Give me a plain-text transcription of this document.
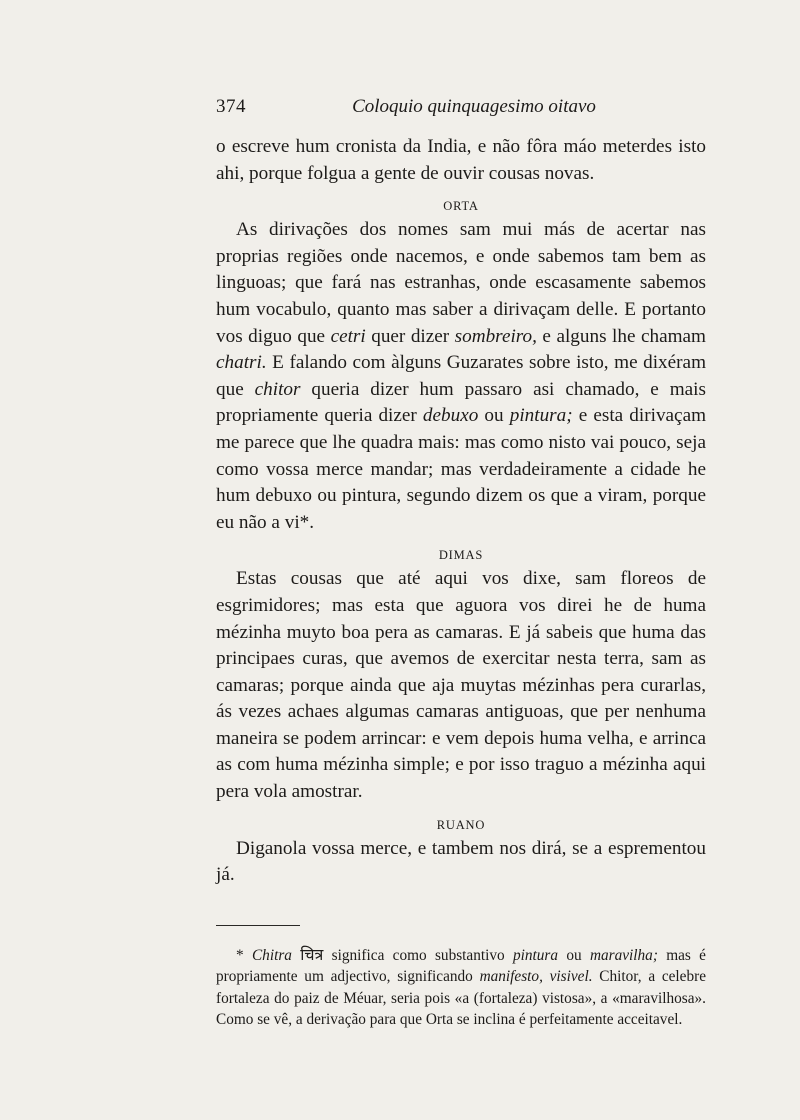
374	Coloquio quinquagesimo oitavo

o escreve hum cronista da India, e não fôra máo meterdes isto ahi, porque folgua a gente de ouvir cousas novas.

ORTA

As dirivações dos nomes sam mui más de acertar nas proprias regiões onde nacemos, e onde sabemos tam bem as linguoas; que fará nas estranhas, onde escasamente sabemos hum vocabulo, quanto mas saber a dirivaçam delle. E portanto vos diguo que cetri quer dizer sombreiro, e alguns lhe chamam chatri. E falando com àlguns Guzarates sobre isto, me dixéram que chitor queria dizer hum passaro asi chamado, e mais propriamente queria dizer debuxo ou pintura; e esta dirivaçam me parece que lhe quadra mais: mas como nisto vai pouco, seja como vossa merce mandar; mas verdadeiramente a cidade he hum debuxo ou pintura, segundo dizem os que a viram, porque eu não a vi*.

DIMAS

Estas cousas que até aqui vos dixe, sam floreos de esgrimidores; mas esta que aguora vos direi he de huma mézinha muyto boa pera as camaras. E já sabeis que huma das principaes curas, que avemos de exercitar nesta terra, sam as camaras; porque ainda que aja muytas mézinhas pera curarlas, ás vezes achaes algumas camaras antiguoas, que per nenhuma maneira se podem arrincar: e vem depois huma velha, e arrinca as com huma mézinha simple; e por isso traguo a mézinha aqui pera vola amostrar.

RUANO

Diganola vossa merce, e tambem nos dirá, se a esprementou já.

* Chitra चित्र significa como substantivo pintura ou maravilha; mas é propriamente um adjectivo, significando manifesto, visivel. Chitor, a celebre fortaleza do paiz de Méuar, seria pois «a (fortaleza) vistosa», a «maravilhosa». Como se vê, a derivação para que Orta se inclina é perfeitamente acceitavel.
